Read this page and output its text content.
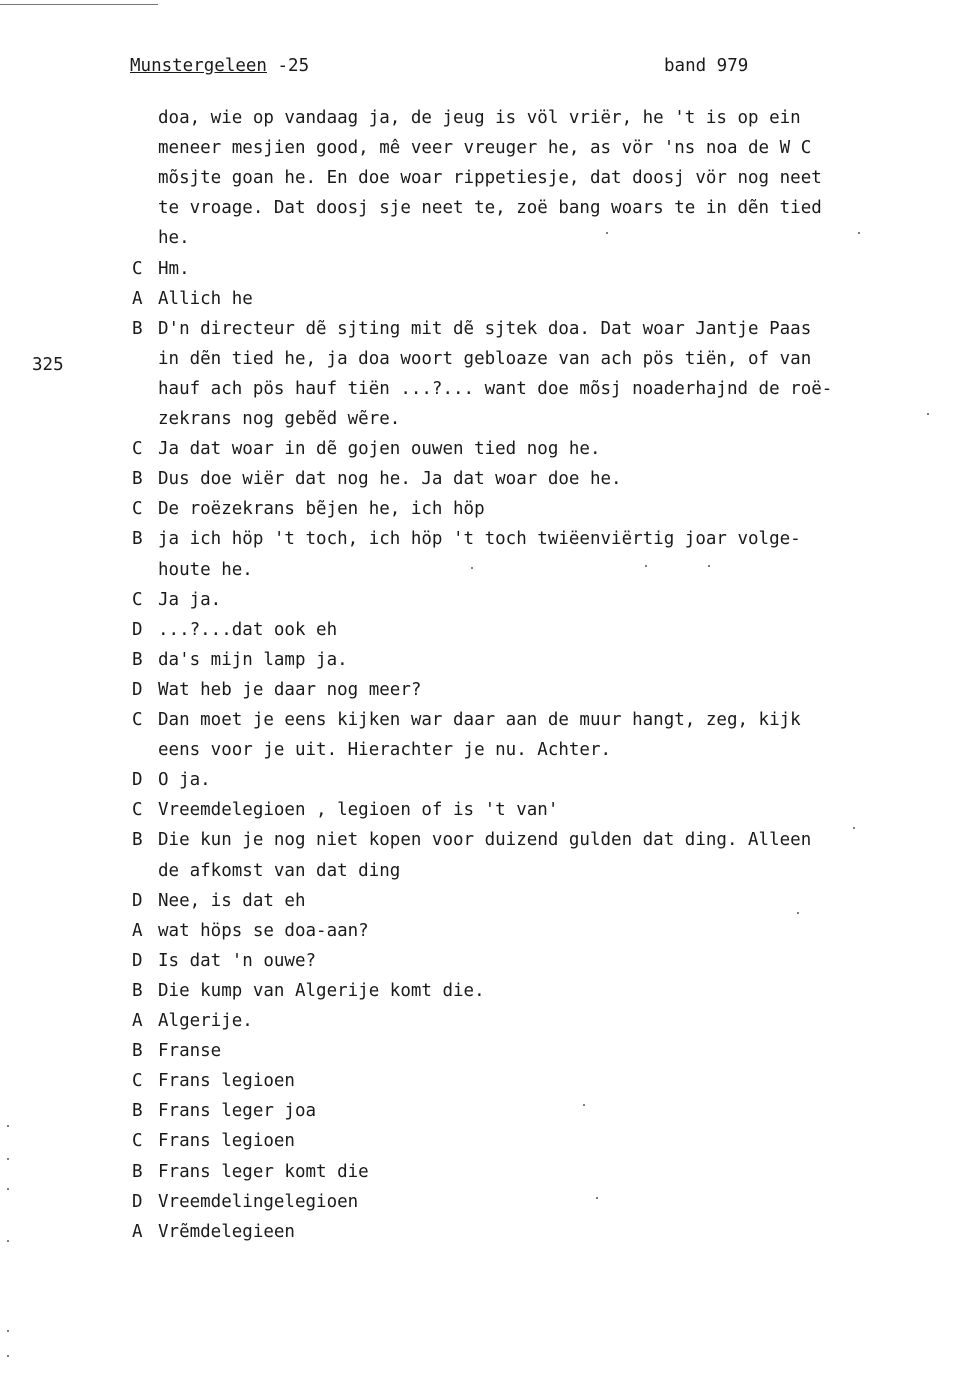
Munstergeleen -25	band 979
325
doa, wie op vandaag ja, de jeug is völ vriër, he 't is op ein
meneer mesjien good, mê veer vreuger he, as vör 'ns noa de W C
mõsjte goan he. En doe woar rippetiesje, dat doosj vör nog neet
te vroage. Dat doosj sje neet te, zoë bang woars te in dẽn tied
he.
C Hm.
A Allich he
B D'n directeur dẽ sjting mit dẽ sjtek doa. Dat woar Jantje Paas
in dẽn tied he, ja doa woort gebloaze van ach pös tiën, of van
hauf ach pös hauf tiën ...?... want doe mõsj noaderhajnd de roë-
zekrans nog gebẽd wẽre.
C Ja dat woar in dẽ gojen ouwen tied nog he.
B Dus doe wiër dat nog he. Ja dat woar doe he.
C De roëzekrans bẽjen he, ich höp
B ja ich höp 't toch, ich höp 't toch twiëenviërtig joar volge-
houte he.
C Ja ja.
D ...?...dat ook eh
B da's mijn lamp ja.
D Wat heb je daar nog meer?
C Dan moet je eens kijken war daar aan de muur hangt, zeg, kijk
eens voor je uit. Hierachter je nu. Achter.
D O ja.
C Vreemdelegioen , legioen of is 't van'
B Die kun je nog niet kopen voor duizend gulden dat ding. Alleen
de afkomst van dat ding
D Nee, is dat eh
A wat höps se doa-aan?
D Is dat 'n ouwe?
B Die kump van Algerije komt die.
A Algerije.
B Franse
C Frans legioen
B Frans leger joa
C Frans legioen
B Frans leger komt die
D Vreemdelingelegioen
A Vrẽmdelegieen
